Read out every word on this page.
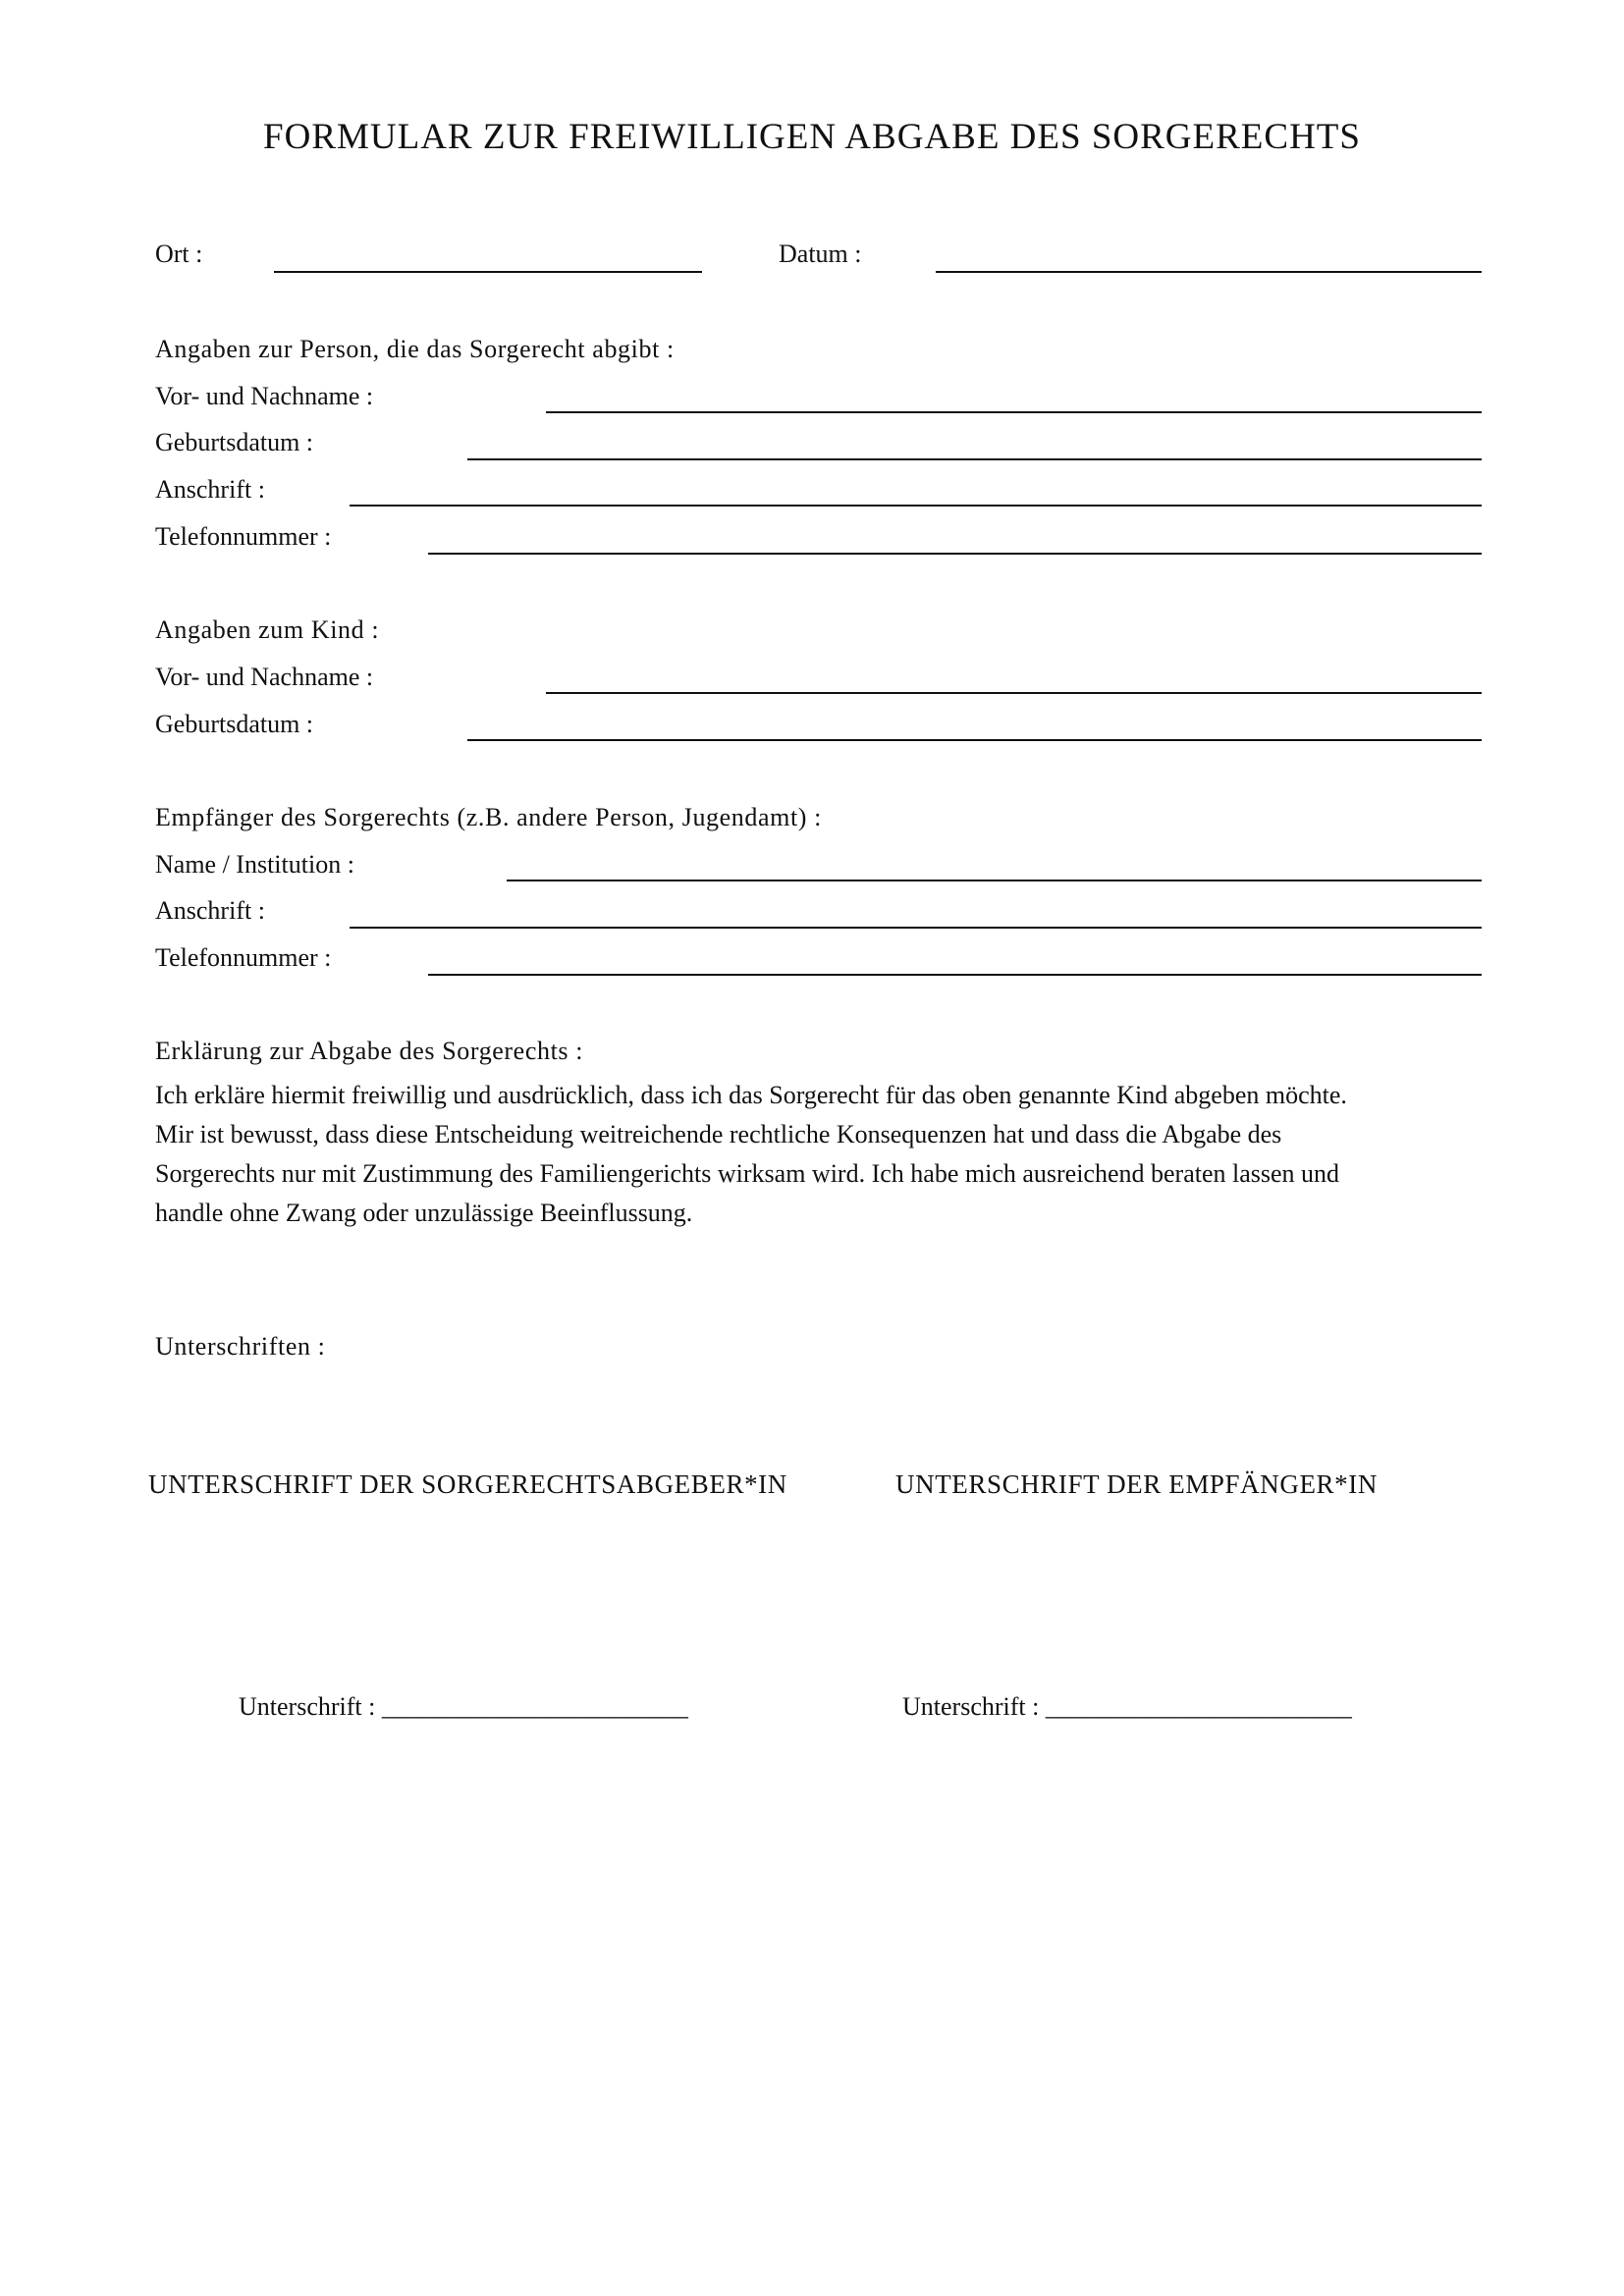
FORMULAR ZUR FREIWILLIGEN ABGABE DES SORGERECHTS
Ort :	Datum :
Angaben zur Person, die das Sorgerecht abgibt :
Vor- und Nachname :
Geburtsdatum :
Anschrift :
Telefonnummer :
Angaben zum Kind :
Vor- und Nachname :
Geburtsdatum :
Empfänger des Sorgerechts (z.B. andere Person, Jugendamt) :
Name / Institution :
Anschrift :
Telefonnummer :
Erklärung zur Abgabe des Sorgerechts :

Ich erkläre hiermit freiwillig und ausdrücklich, dass ich das Sorgerecht für das oben genannte Kind abgeben möchte.

Mir ist bewusst, dass diese Entscheidung weitreichende rechtliche Konsequenzen hat und dass die Abgabe des

Sorgerechts nur mit Zustimmung des Familiengerichts wirksam wird. Ich habe mich ausreichend beraten lassen und

handle ohne Zwang oder unzulässige Beeinflussung.

Unterschriften :
UNTERSCHRIFT DER SORGERECHTSABGEBER*IN	UNTERSCHRIFT DER EMPFÄNGER*IN
Unterschrift : ________________________	Unterschrift : ________________________
